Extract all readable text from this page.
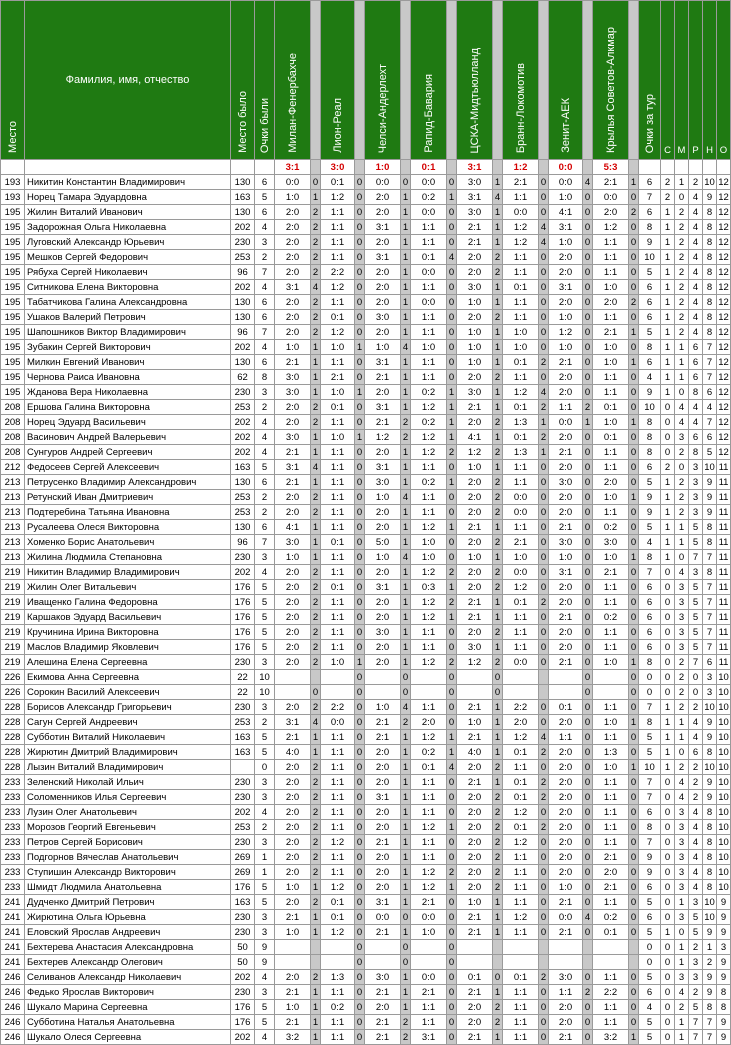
Место	Фамилия, имя, отчество	Место было	Очки были	Милан-Фенербахче		Лион-Реал		Челси-Андерлехт		Рапид-Бавария		ЦСКА-Мидтьюлланд		Бранн-Локомотив		Зенит-АЕК		Крылья Советов-Алкмар		Очки за тур	С	М	Р	Н	О	
				3:1		3:0		1:0		0:1		3:1		1:2		0:0		5:3								
193	Никитин Константин Владимирович	130	6	0:0	0	0:1	0	0:0	0	0:0	0	3:0	1	2:1	0	0:0	4	2:1	1	6	2	1	2	10	12	
193	Норец Тамара Эдуардовна	163	5	1:0	1	1:2	0	2:0	1	0:2	1	3:1	4	1:1	0	1:0	0	0:0	0	7	2	0	4	9	12	
195	Жилин Виталий Иванович	130	6	2:0	2	1:1	0	2:0	1	0:0	0	3:0	1	0:0	0	4:1	0	2:0	2	6	1	2	4	8	12	
195	Задорожная Ольга Николаевна	202	4	2:0	2	1:1	0	3:1	1	1:1	0	2:1	1	1:2	4	3:1	0	1:2	0	8	1	2	4	8	12	
195	Луговский Александр Юрьевич	230	3	2:0	2	1:1	0	2:0	1	1:1	0	2:1	1	1:2	4	1:0	0	1:1	0	9	1	2	4	8	12	
195	Мешков Сергей Федорович	253	2	2:0	2	1:1	0	3:1	1	0:1	4	2:0	2	1:1	0	2:0	0	1:1	0	10	1	2	4	8	12	
195	Рябуха Сергей Николаевич	96	7	2:0	2	2:2	0	2:0	1	0:0	0	2:0	2	1:1	0	2:0	0	1:1	0	5	1	2	4	8	12	
195	Ситникова Елена Викторовна	202	4	3:1	4	1:2	0	2:0	1	1:1	0	3:0	1	0:1	0	3:1	0	1:0	0	6	1	2	4	8	12	
195	Табатчикова Галина Александровна	130	6	2:0	2	1:1	0	2:0	1	0:0	0	1:0	1	1:1	0	2:0	0	2:0	2	6	1	2	4	8	12	
195	Ушаков Валерий Петрович	130	6	2:0	2	0:1	0	3:0	1	1:1	0	2:0	2	1:1	0	1:0	0	1:1	0	6	1	2	4	8	12	
195	Шапошников Виктор Владимирович	96	7	2:0	2	1:2	0	2:0	1	1:1	0	1:0	1	1:0	0	1:2	0	2:1	1	5	1	2	4	8	12	
195	Зубакин Сергей Викторович	202	4	1:0	1	1:0	1	1:0	4	1:0	0	1:0	1	1:0	0	1:0	0	1:0	0	8	1	1	6	7	12	
195	Милкин Евгений Иванович	130	6	2:1	1	1:1	0	3:1	1	1:1	0	1:0	1	0:1	2	2:1	0	1:0	1	6	1	1	6	7	12	
195	Чернова Раиса Ивановна	62	8	3:0	1	2:1	0	2:1	1	1:1	0	2:0	2	1:1	0	2:0	0	1:1	0	4	1	1	6	7	12	
195	Жданова Вера Николаевна	230	3	3:0	1	1:0	1	2:0	1	0:2	1	3:0	1	1:2	4	2:0	0	1:1	0	9	1	0	8	6	12	
208	Ершова Галина Викторовна	253	2	2:0	2	0:1	0	3:1	1	1:2	1	2:1	1	0:1	2	1:1	2	0:1	0	10	0	4	4	4	12	
208	Норец Эдуард Васильевич	202	4	2:0	2	1:1	0	2:1	2	0:2	1	2:0	2	1:3	1	0:0	1	1:0	1	8	0	4	4	7	12	
208	Васинович Андрей Валерьевич	202	4	3:0	1	1:0	1	1:2	2	1:2	1	4:1	1	0:1	2	2:0	0	0:1	0	8	0	3	6	6	12	
208	Сунгуров Андрей Сергеевич	202	4	2:1	1	1:1	0	2:0	1	1:2	2	1:2	2	1:3	1	2:1	0	1:1	0	8	0	2	8	5	12	
212	Федосеев Сергей Алексеевич	163	5	3:1	4	1:1	0	3:1	1	1:1	0	1:0	1	1:1	0	2:0	0	1:1	0	6	2	0	3	10	11	
213	Петрусенко Владимир Александрович	130	6	2:1	1	1:1	0	3:0	1	0:2	1	2:0	2	1:1	0	3:0	0	2:0	0	5	1	2	3	9	11	
213	Ретунский Иван Дмитриевич	253	2	2:0	2	1:1	0	1:0	4	1:1	0	2:0	2	0:0	0	2:0	0	1:0	1	9	1	2	3	9	11	
213	Подтеребина Татьяна Ивановна	253	2	2:0	2	1:1	0	2:0	1	1:1	0	2:0	2	0:0	0	2:0	0	1:1	0	9	1	2	3	9	11	
213	Русалеева Олеся Викторовна	130	6	4:1	1	1:1	0	2:0	1	1:2	1	2:1	1	1:1	0	2:1	0	0:2	0	5	1	1	5	8	11	
213	Хоменко Борис Анатольевич	96	7	3:0	1	0:1	0	5:0	1	1:0	0	2:0	2	2:1	0	3:0	0	3:0	0	4	1	1	5	8	11	
213	Жилина Людмила Степановна	230	3	1:0	1	1:1	0	1:0	4	1:0	0	1:0	1	1:0	0	1:0	0	1:0	1	8	1	0	7	7	11	
219	Никитин Владимир Владимирович	202	4	2:0	2	1:1	0	2:0	1	1:2	2	2:0	2	0:0	0	3:1	0	2:1	0	7	0	4	3	8	11	
219	Жилин Олег Витальевич	176	5	2:0	2	0:1	0	3:1	1	0:3	1	2:0	2	1:2	0	2:0	0	1:1	0	6	0	3	5	7	11	
219	Иващенко Галина Федоровна	176	5	2:0	2	1:1	0	2:0	1	1:2	2	2:1	1	0:1	2	2:0	0	1:1	0	6	0	3	5	7	11	
219	Каршаков Эдуард Васильевич	176	5	2:0	2	1:1	0	2:0	1	1:2	1	2:1	1	1:1	0	2:1	0	0:2	0	6	0	3	5	7	11	
219	Кручинина Ирина Викторовна	176	5	2:0	2	1:1	0	3:0	1	1:1	0	2:0	2	1:1	0	2:0	0	1:1	0	6	0	3	5	7	11	
219	Маслов Владимир Яковлевич	176	5	2:0	2	1:1	0	2:0	1	1:1	0	3:0	1	1:1	0	2:0	0	1:1	0	6	0	3	5	7	11	
219	Алешина Елена Сергеевна	230	3	2:0	2	1:0	1	2:0	1	1:2	2	1:2	2	0:0	0	2:1	0	1:0	1	8	0	2	7	6	11	
226	Екимова Анна Сергеевна	22	10				0		0		0		0				0		0	0	0	2	0	3	10	
226	Сорокин Василий Алексеевич	22	10		0		0		0		0		0				0		0	0	0	2	0	3	10	
228	Борисов Александр Григорьевич	230	3	2:0	2	2:2	0	1:0	4	1:1	0	2:1	1	2:2	0	0:1	0	1:1	0	7	1	2	2	10	10	
228	Сагун Сергей Андреевич	253	2	3:1	4	0:0	0	2:1	2	2:0	0	1:0	1	2:0	0	2:0	0	1:0	1	8	1	1	4	9	10	
228	Субботин Виталий Николаевич	163	5	2:1	1	1:1	0	2:1	1	1:2	1	2:1	1	1:2	4	1:1	0	1:1	0	5	1	1	4	9	10	
228	Жирютин Дмитрий Владимирович	163	5	4:0	1	1:1	0	2:0	1	0:2	1	4:0	1	0:1	2	2:0	0	1:3	0	5	1	0	6	8	10	
228	Лызин Виталий Владимирович		0	2:0	2	1:1	0	2:0	1	0:1	4	2:0	2	1:1	0	2:0	0	1:0	1	10	1	2	2	10	10	
233	Зеленский Николай Ильич	230	3	2:0	2	1:1	0	2:0	1	1:1	0	2:1	1	0:1	2	2:0	0	1:1	0	7	0	4	2	9	10	
233	Соломенников Илья Сергеевич	230	3	2:0	2	1:1	0	3:1	1	1:1	0	2:0	2	0:1	2	2:0	0	1:1	0	7	0	4	2	9	10	
233	Лузин Олег Анатольевич	202	4	2:0	2	1:1	0	2:0	1	1:1	0	2:0	2	1:2	0	2:0	0	1:1	0	6	0	3	4	8	10	
233	Морозов Георгий Евгеньевич	253	2	2:0	2	1:1	0	2:0	1	1:2	1	2:0	2	0:1	2	2:0	0	1:1	0	8	0	3	4	8	10	
233	Петров Сергей Борисович	230	3	2:0	2	1:2	0	2:1	1	1:1	0	2:0	2	1:2	0	2:0	0	1:1	0	7	0	3	4	8	10	
233	Подгорнов Вячеслав Анатольевич	269	1	2:0	2	1:1	0	2:0	1	1:1	0	2:0	2	1:1	0	2:0	0	2:1	0	9	0	3	4	8	10	
233	Ступишин Александр Викторович	269	1	2:0	2	1:1	0	2:0	1	1:2	2	2:0	2	1:1	0	2:0	0	2:0	0	9	0	3	4	8	10	
233	Шмидт Людмила Анатольевна	176	5	1:0	1	1:2	0	2:0	1	1:2	1	2:0	2	1:1	0	1:0	0	2:1	0	6	0	3	4	8	10	
241	Дудченко Дмитрий Петрович	163	5	2:0	2	0:1	0	3:1	1	2:1	0	1:0	1	1:1	0	2:1	0	1:1	0	5	0	1	3	10	9	
241	Жирютина Ольга Юрьевна	230	3	2:1	1	0:1	0	0:0	0	0:0	0	2:1	1	1:2	0	0:0	4	0:2	0	6	0	3	5	10	9	
241	Еловский Ярослав Андреевич	230	3	1:0	1	1:2	0	2:1	1	1:0	0	2:1	1	1:1	0	2:1	0	0:1	0	5	1	0	5	9	9	
241	Бехтерева Анастасия Александровна	50	9				0		0		0									0	0	1	2	1	3	
241	Бехтерев Александр Олегович	50	9				0		0		0									0	0	1	3	2	9	
246	Селиванов Александр Николаевич	202	4	2:0	2	1:3	0	3:0	1	0:0	0	0:1	0	0:1	2	3:0	0	1:1	0	5	0	3	3	9	9	
246	Федько Ярослав Викторович	230	3	2:1	1	1:1	0	2:1	1	2:1	0	2:1	1	1:1	0	1:1	2	2:2	0	6	0	4	2	9	8	
246	Шукало Марина Сергеевна	176	5	1:0	1	0:2	0	2:0	1	1:1	0	2:0	2	1:1	0	2:0	0	1:1	0	4	0	2	5	8	8	
246	Субботина Наталья Анатольевна	176	5	2:1	1	1:1	0	2:1	2	1:1	0	2:0	2	1:1	0	2:0	0	1:1	0	5	0	1	7	7	9	
246	Шукало Олеся Сергеевна	202	4	3:2	1	1:1	0	2:1	2	3:1	0	2:1	1	1:1	0	2:1	0	3:2	1	5	0	1	7	7	9	
